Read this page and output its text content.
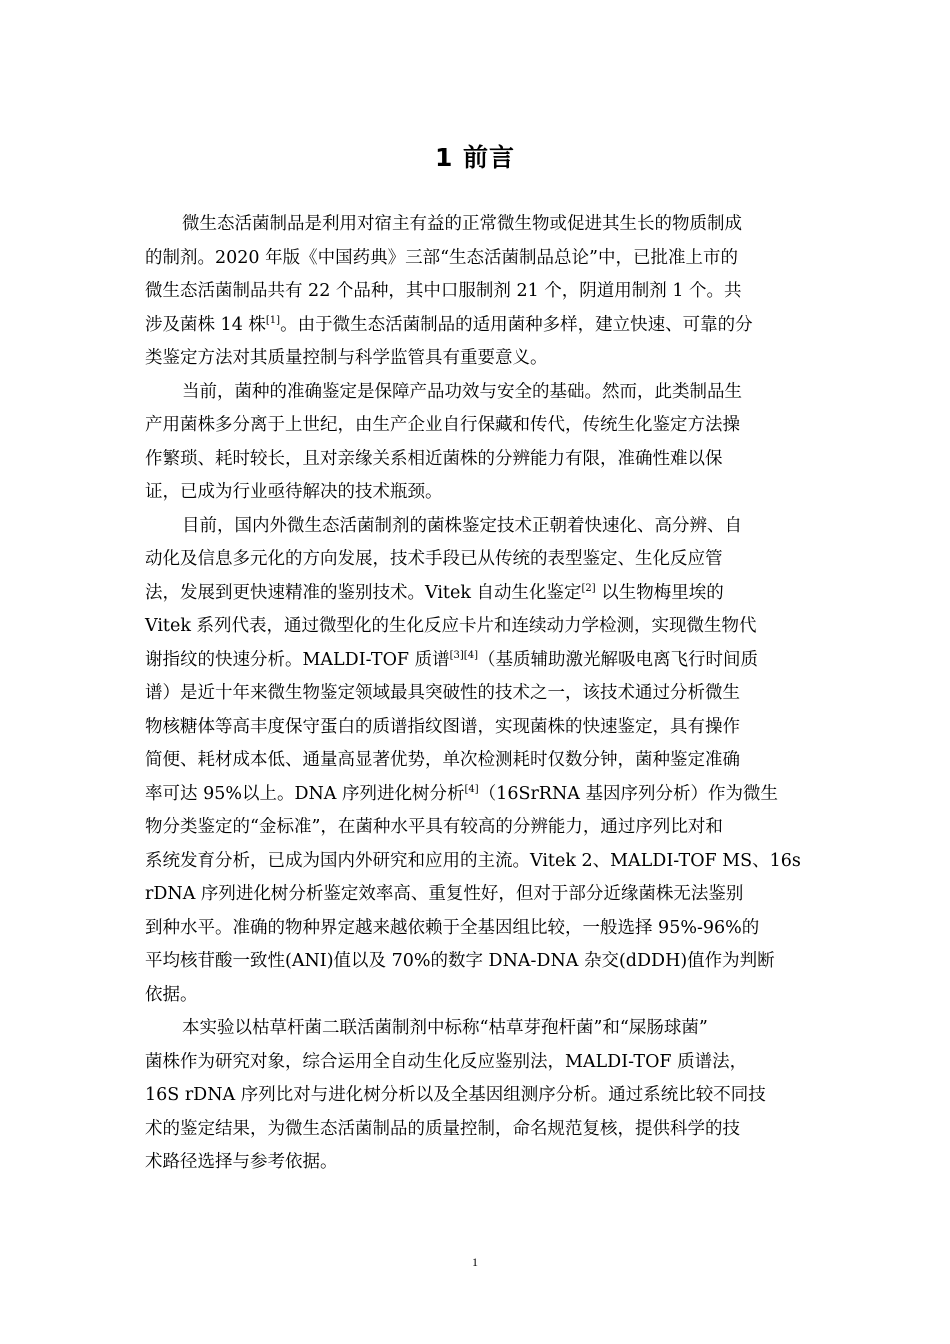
1 前言
微生态活菌制品是利用对宿主有益的正常微生物或促进其生长的物质制成
的制剂。2020 年版《中国药典》三部“生态活菌制品总论”中，已批准上市的
微生态活菌制品共有 22 个品种，其中口服制剂 21 个，阴道用制剂 1 个。共
涉及菌株 14 株[1]。由于微生态活菌制品的适用菌种多样，建立快速、可靠的分
类鉴定方法对其质量控制与科学监管具有重要意义。
当前，菌种的准确鉴定是保障产品功效与安全的基础。然而，此类制品生
产用菌株多分离于上世纪，由生产企业自行保藏和传代，传统生化鉴定方法操
作繁琐、耗时较长，且对亲缘关系相近菌株的分辨能力有限，准确性难以保
证，已成为行业亟待解决的技术瓶颈。
目前，国内外微生态活菌制剂的菌株鉴定技术正朝着快速化、高分辨、自
动化及信息多元化的方向发展，技术手段已从传统的表型鉴定、生化反应管
法，发展到更快速精准的鉴别技术。Vitek 自动生化鉴定[2] 以生物梅里埃的
Vitek 系列代表，通过微型化的生化反应卡片和连续动力学检测，实现微生物代
谢指纹的快速分析。MALDI-TOF 质谱[3][4]（基质辅助激光解吸电离飞行时间质
谱）是近十年来微生物鉴定领域最具突破性的技术之一，该技术通过分析微生
物核糖体等高丰度保守蛋白的质谱指纹图谱，实现菌株的快速鉴定，具有操作
简便、耗材成本低、通量高显著优势，单次检测耗时仅数分钟，菌种鉴定准确
率可达 95%以上。DNA 序列进化树分析[4]（16SrRNA 基因序列分析）作为微生
物分类鉴定的“金标准”，在菌种水平具有较高的分辨能力，通过序列比对和
系统发育分析，已成为国内外研究和应用的主流。Vitek 2、MALDI-TOF MS、16s
rDNA 序列进化树分析鉴定效率高、重复性好，但对于部分近缘菌株无法鉴别
到种水平。准确的物种界定越来越依赖于全基因组比较，一般选择 95%-96%的
平均核苷酸一致性(ANI)值以及 70%的数字 DNA-DNA 杂交(dDDH)值作为判断
依据。
本实验以枯草杆菌二联活菌制剂中标称“枯草芽孢杆菌”和“屎肠球菌”
菌株作为研究对象，综合运用全自动生化反应鉴别法，MALDI-TOF 质谱法，
16S rDNA 序列比对与进化树分析以及全基因组测序分析。通过系统比较不同技
术的鉴定结果，为微生态活菌制品的质量控制，命名规范复核，提供科学的技
术路径选择与参考依据。
1
